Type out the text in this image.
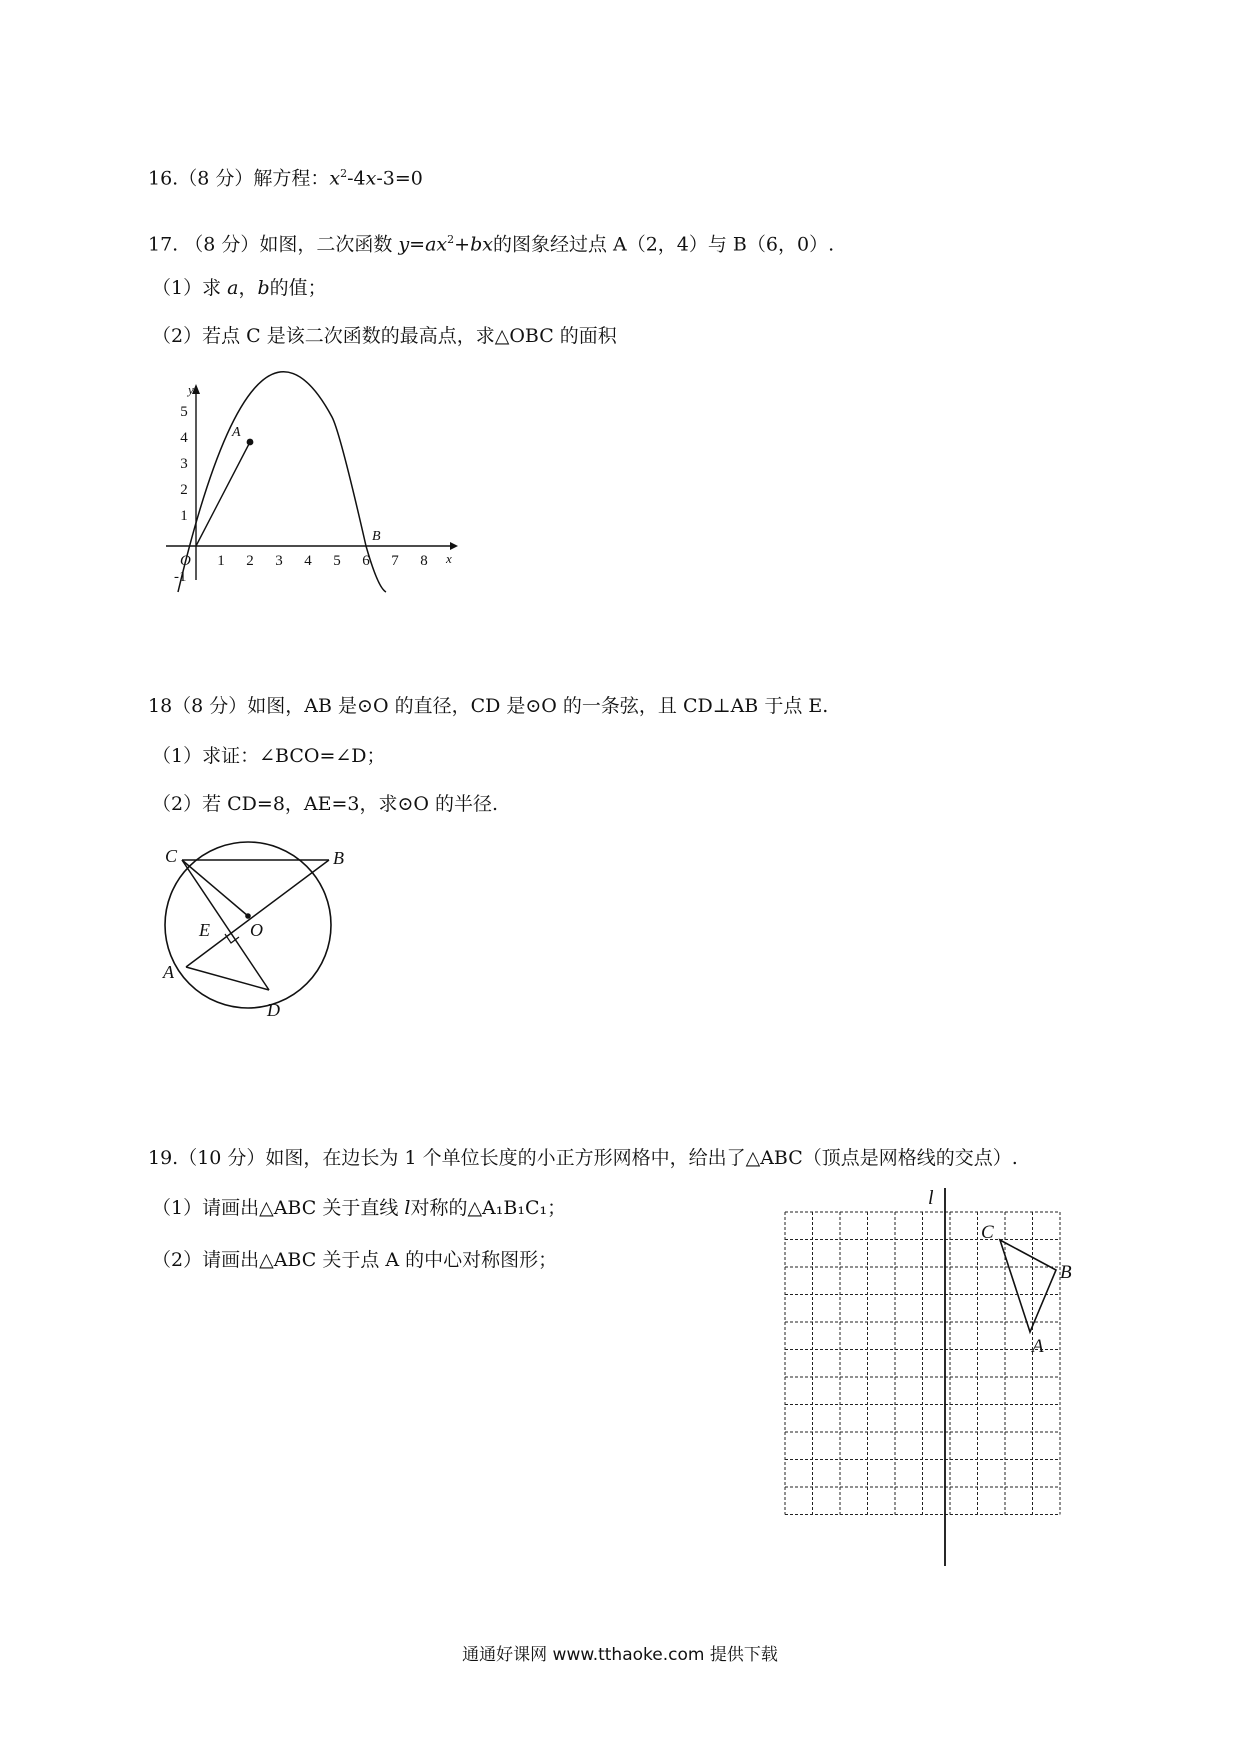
16.（8 分）解方程：$x^2-4x-3=0$
17. （8 分）如图，二次函数 $y=ax^2+bx$的图象经过点 A（2，4）与 B（6，0）.
（1）求 a，b的值；
（2）若点 C 是该二次函数的最高点，求△OBC 的面积
1 2 3 4 5 6 7 8 x
1
2
3
4
5
y
O
-1
A
B
18（8 分）如图，AB 是⊙O 的直径，CD 是⊙O 的一条弦，且 CD⊥AB 于点 E.
（1）求证：∠BCO=∠D；
（2）若 CD=8，AE=3，求⊙O 的半径.
C	B
E O
A
D
19.（10 分）如图，在边长为 1 个单位长度的小正方形网格中，给出了△ABC（顶点是网格线的交点）.
（1）请画出△ABC 关于直线 l对称的△A₁B₁C₁；
（2）请画出△ABC 关于点 A 的中心对称图形；
l
C
B
A
通通好课网 www.tthaoke.com 提供下载
